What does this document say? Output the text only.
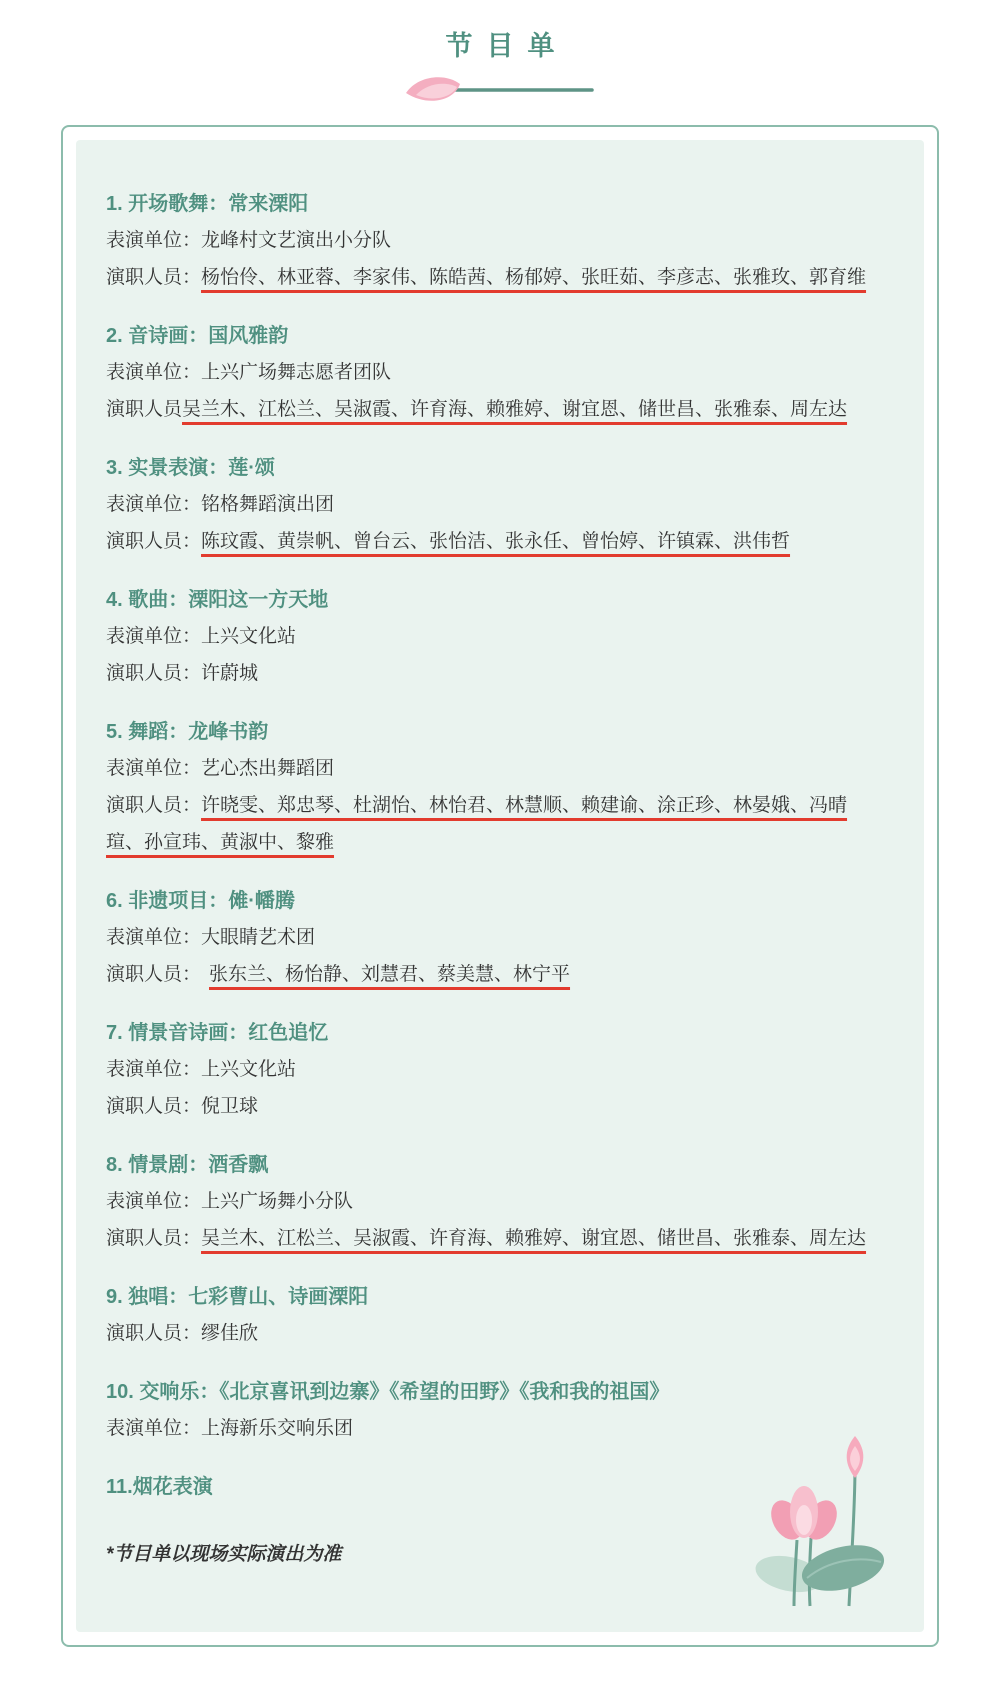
节目单

1. 开场歌舞：常来溧阳

表演单位：龙峰村文艺演出小分队

演职人员：杨怡伶、林亚蓉、李家伟、陈皓茜、杨郁婷、张旺茹、李彦志、张雅玫、郭育维

2. 音诗画：国风雅韵

表演单位：上兴广场舞志愿者团队

演职人员吴兰木、江松兰、吴淑霞、许育海、赖雅婷、谢宜恩、储世昌、张雅泰、周左达

3. 实景表演：莲·颂

表演单位：铭格舞蹈演出团

演职人员：陈玟霞、黄崇帆、曾台云、张怡洁、张永任、曾怡婷、许镇霖、洪伟哲

4. 歌曲：溧阳这一方天地

表演单位：上兴文化站

演职人员：许蔚城

5. 舞蹈：龙峰书韵

表演单位：艺心杰出舞蹈团

演职人员：许晓雯、郑忠琴、杜湖怡、林怡君、林慧顺、赖建谕、涂正珍、林晏娥、冯晴瑄、孙宣玮、黄淑中、黎雅

6. 非遗项目：傩·幡腾

表演单位：大眼睛艺术团

演职人员： 张东兰、杨怡静、刘慧君、蔡美慧、林宁平

7. 情景音诗画：红色追忆

表演单位：上兴文化站

演职人员：倪卫球

8. 情景剧：酒香飘

表演单位：上兴广场舞小分队

演职人员：吴兰木、江松兰、吴淑霞、许育海、赖雅婷、谢宜恩、储世昌、张雅泰、周左达

9. 独唱：七彩曹山、诗画溧阳

演职人员：缪佳欣

10. 交响乐：《北京喜讯到边寨》《希望的田野》《我和我的祖国》

表演单位：上海新乐交响乐团

11.烟花表演

*节目单以现场实际演出为准
